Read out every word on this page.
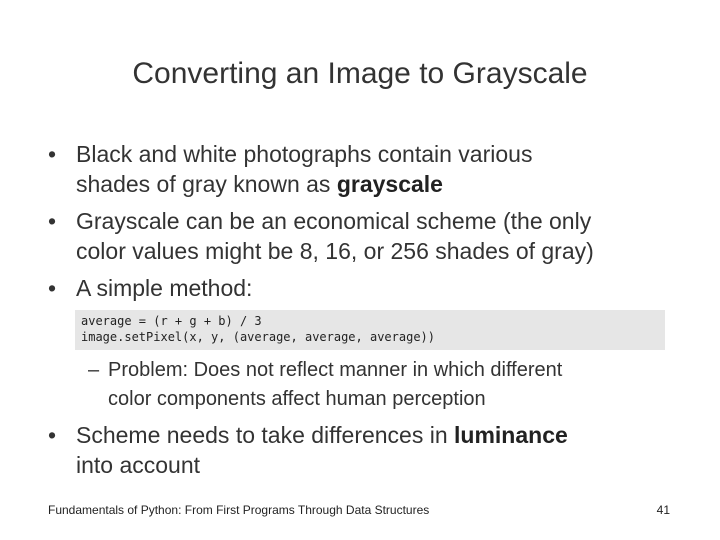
Converting an Image to Grayscale
• Black and white photographs contain various
shades of gray known as grayscale
• Grayscale can be an economical scheme (the only
color values might be 8, 16, or 256 shades of gray)
• A simple method:
average = (r + g + b) / 3
image.setPixel(x, y, (average, average, average))
– Problem: Does not reflect manner in which different
color components affect human perception
• Scheme needs to take differences in luminance
into account
Fundamentals of Python: From First Programs Through Data Structures	41
